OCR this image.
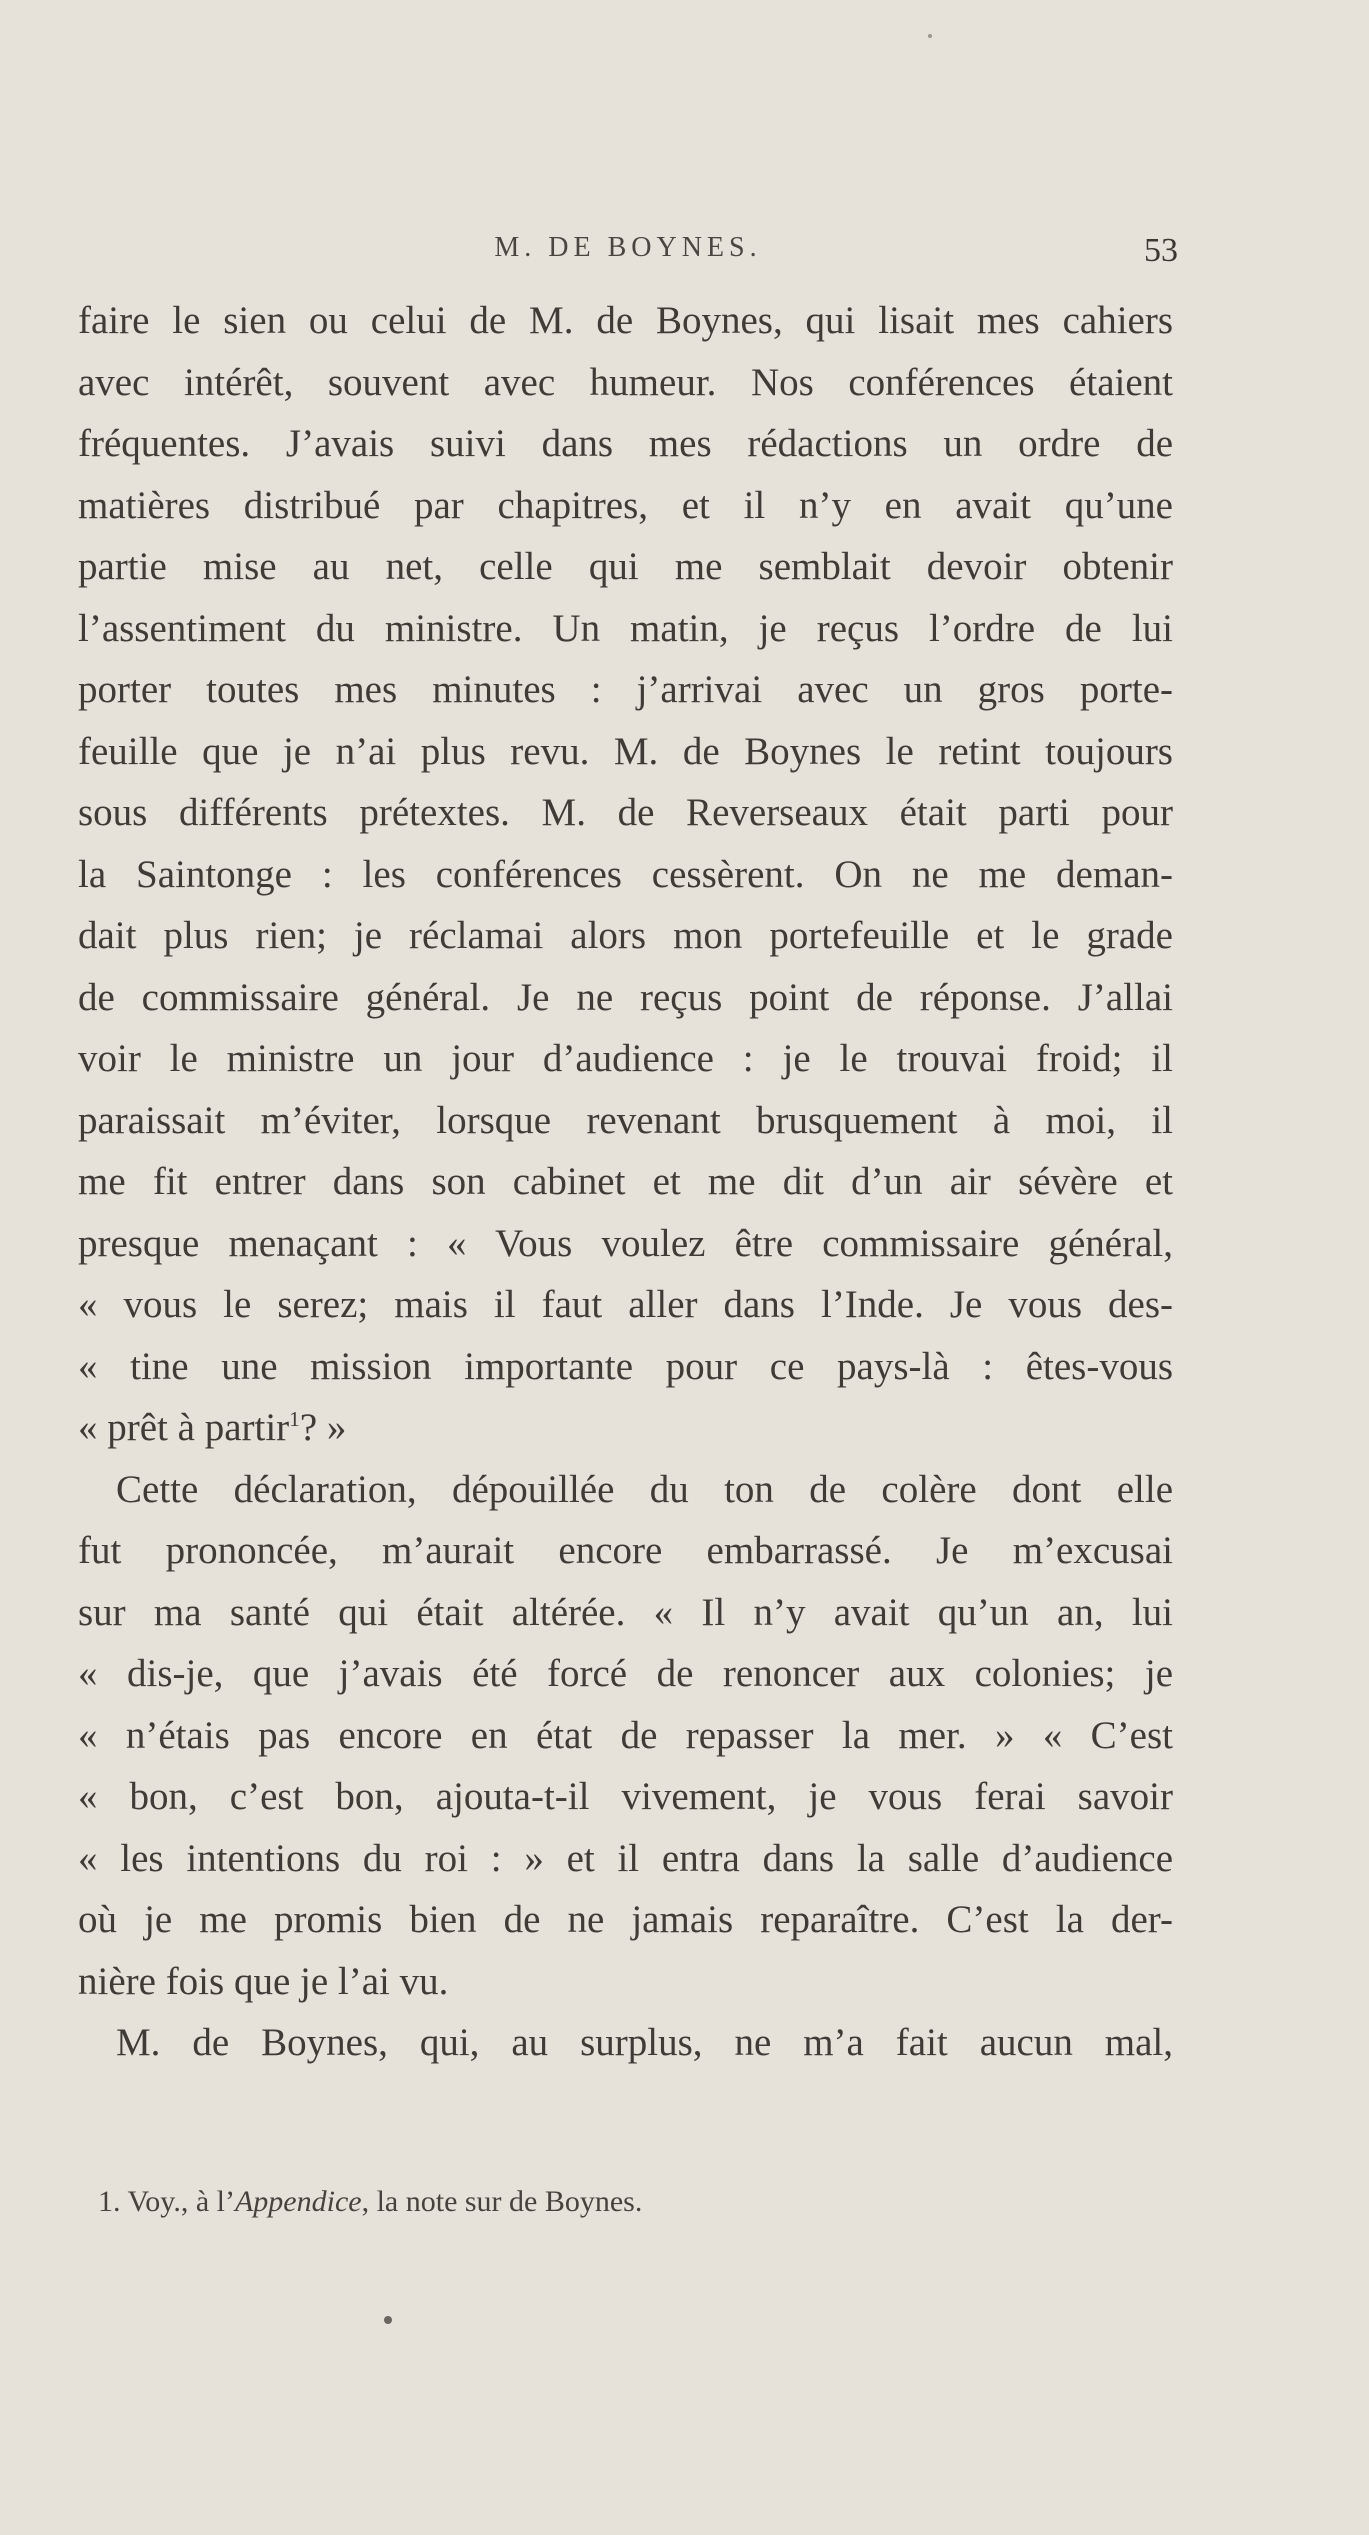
M. DE BOYNES.	53
faire le sien ou celui de M. de Boynes, qui lisait mes cahiers
avec intérêt, souvent avec humeur. Nos conférences étaient
fréquentes. J’avais suivi dans mes rédactions un ordre de
matières distribué par chapitres, et il n’y en avait qu’une
partie mise au net, celle qui me semblait devoir obtenir
l’assentiment du ministre. Un matin, je reçus l’ordre de lui
porter toutes mes minutes : j’arrivai avec un gros porte-
feuille que je n’ai plus revu. M. de Boynes le retint toujours
sous différents prétextes. M. de Reverseaux était parti pour
la Saintonge : les conférences cessèrent. On ne me deman-
dait plus rien; je réclamai alors mon portefeuille et le grade
de commissaire général. Je ne reçus point de réponse. J’allai
voir le ministre un jour d’audience : je le trouvai froid; il
paraissait m’éviter, lorsque revenant brusquement à moi, il
me fit entrer dans son cabinet et me dit d’un air sévère et
presque menaçant : « Vous voulez être commissaire général,
« vous le serez; mais il faut aller dans l’Inde. Je vous des-
« tine une mission importante pour ce pays-là : êtes-vous
« prêt à partir$^1$? »
Cette déclaration, dépouillée du ton de colère dont elle
fut prononcée, m’aurait encore embarrassé. Je m’excusai
sur ma santé qui était altérée. « Il n’y avait qu’un an, lui
« dis-je, que j’avais été forcé de renoncer aux colonies; je
« n’étais pas encore en état de repasser la mer. » « C’est
« bon, c’est bon, ajouta-t-il vivement, je vous ferai savoir
« les intentions du roi : » et il entra dans la salle d’audience
où je me promis bien de ne jamais reparaître. C’est la der-
nière fois que je l’ai vu.
M. de Boynes, qui, au surplus, ne m’a fait aucun mal,
1. Voy., à l’Appendice, la note sur de Boynes.
